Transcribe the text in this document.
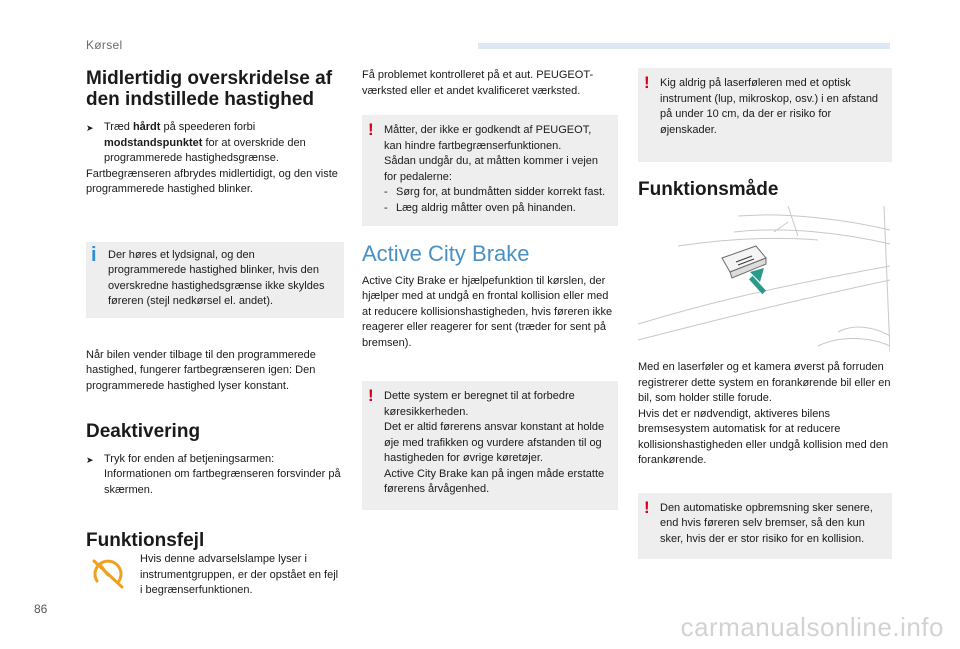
Kørsel
Midlertidig overskridelse af den indstillede hastighed
➤ Træd hårdt på speederen forbi modstandspunktet for at overskride den programmerede hastighedsgrænse.

Fartbegrænseren afbrydes midlertidigt, og den viste programmerede hastighed blinker.

i Der høres et lydsignal, og den programmerede hastighed blinker, hvis den overskredne hastighedsgrænse ikke skyldes føreren (stejl nedkørsel el. andet).

Når bilen vender tilbage til den programmerede hastighed, fungerer fartbegrænseren igen: Den programmerede hastighed lyser konstant.

Deaktivering
➤ Tryk for enden af betjeningsarmen: Informationen om fartbegrænseren forsvinder på skærmen.
Funktionsfejl
Hvis denne advarselslampe lyser i instrumentgruppen, er der opstået en fejl i begrænserfunktionen.

Få problemet kontrolleret på et aut. PEUGEOT-værksted eller et andet kvalificeret værksted.

! Måtter, der ikke er godkendt af PEUGEOT, kan hindre fartbegrænserfunktionen.

Sådan undgår du, at måtten kommer i vejen for pedalerne:

- Sørg for, at bundmåtten sidder korrekt fast.
- Læg aldrig måtter oven på hinanden.
Active City Brake

Active City Brake er hjælpefunktion til kørslen, der hjælper med at undgå en frontal kollision eller med at reducere kollisionshastigheden, hvis føreren ikke reagerer eller reagerer for sent (træder for sent på bremsen).

! Dette system er beregnet til at forbedre køresikkerheden.

Det er altid førerens ansvar konstant at holde øje med trafikken og vurdere afstanden til og hastigheden for øvrige køretøjer.

Active City Brake kan på ingen måde erstatte førerens årvågenhed.

! Kig aldrig på laserføleren med et optisk instrument (lup, mikroskop, osv.) i en afstand på under 10 cm, da der er risiko for øjenskader.

Funktionsmåde

Med en laserføler og et kamera øverst på forruden registrerer dette system en forankørende bil eller en bil, som holder stille forude.

Hvis det er nødvendigt, aktiveres bilens bremsesystem automatisk for at reducere kollisionshastigheden eller undgå kollision med den forankørende.

! Den automatiske opbremsning sker senere, end hvis føreren selv bremser, så den kun sker, hvis der er stor risiko for en kollision.

86
carmanualsonline.info
